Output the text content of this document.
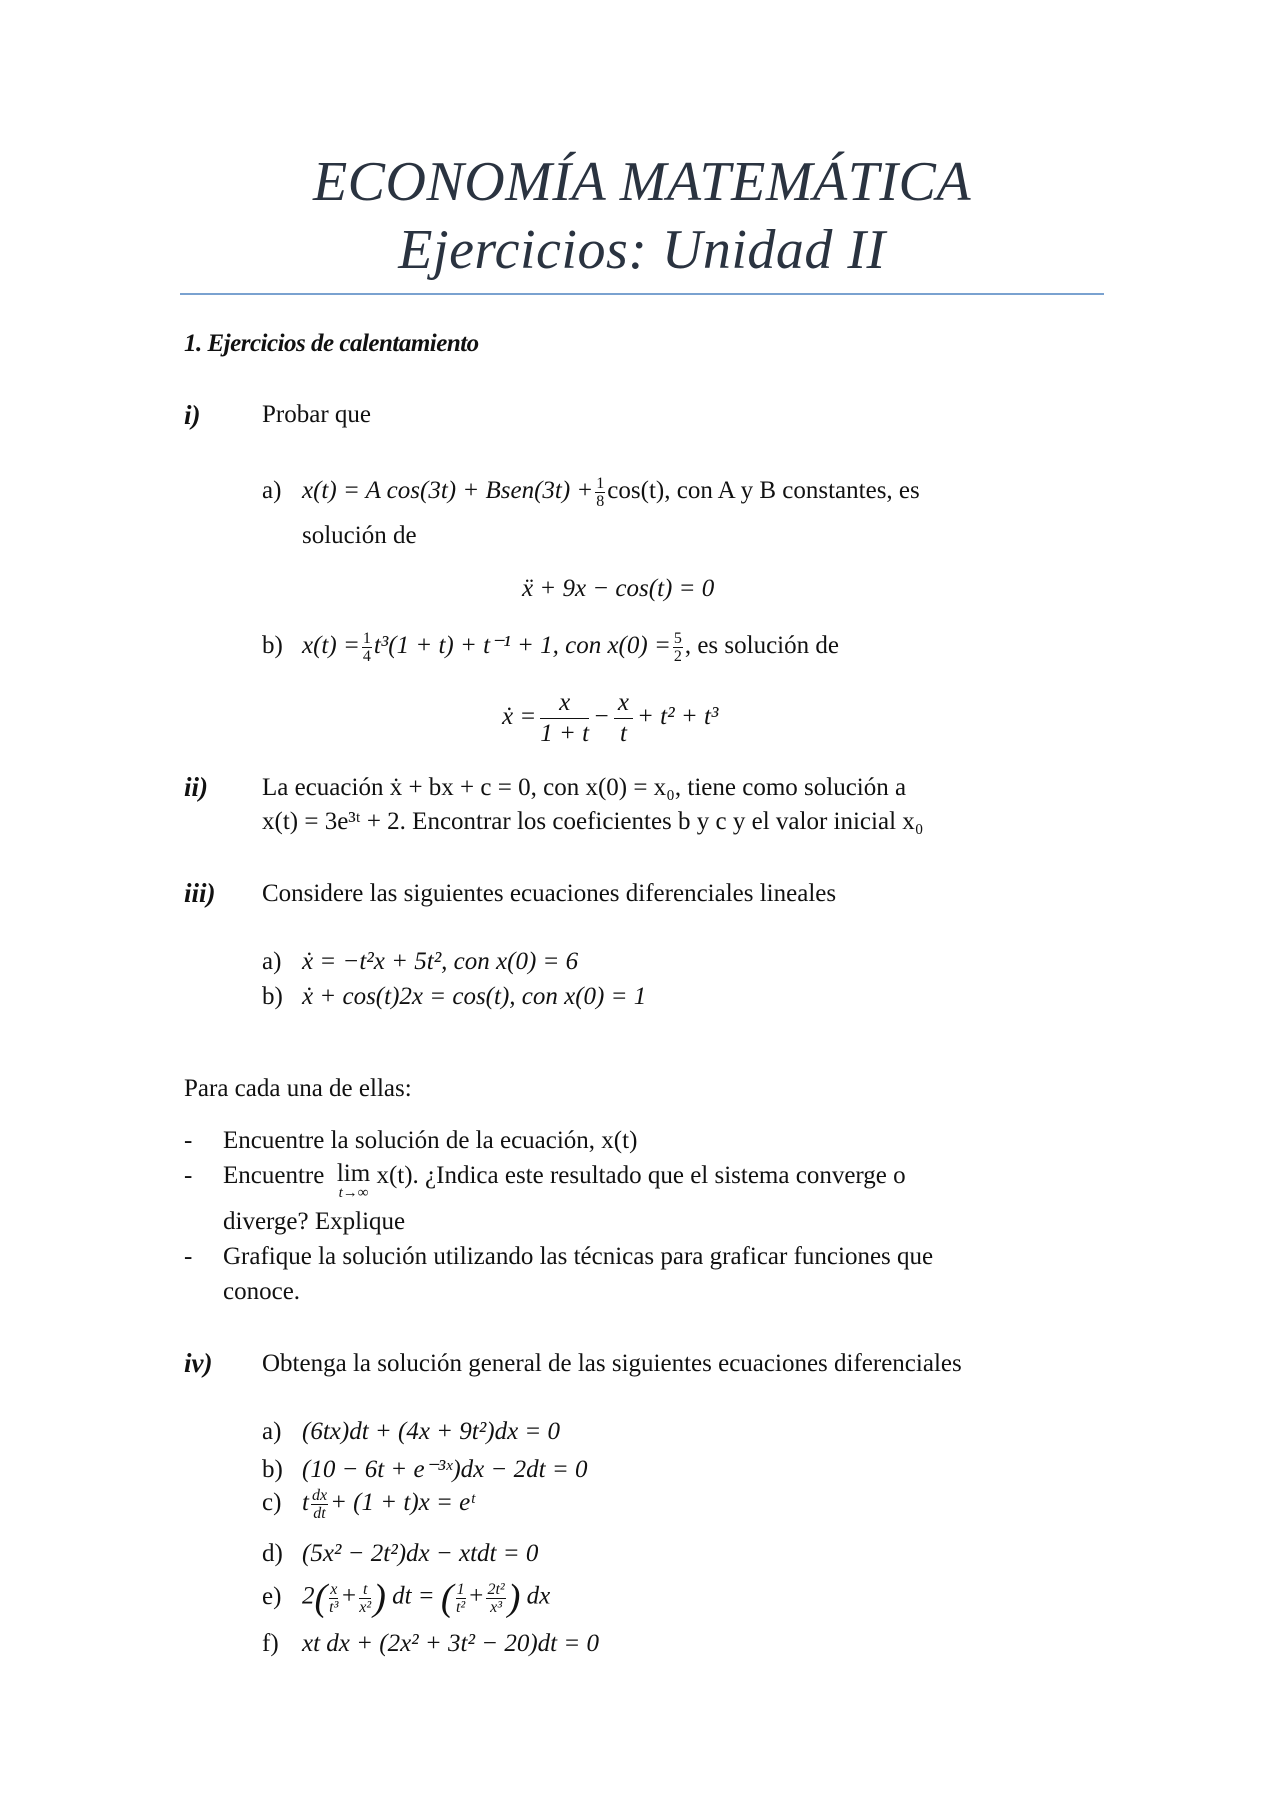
ECONOMÍA MATEMÁTICA
Ejercicios: Unidad II
1. Ejercicios de calentamiento
i) Probar que
a) x(t) = A cos(3t) + Bsen(3t) + $\frac{1}{8} \cos(t)$, con A y B constantes, es
solución de
ẍ + 9x − cos(t) = 0
b) $x(t) = \frac{1}{4} t^3(1 + t) + t^{-1} + 1$, con $x(0) = \frac{5}{2}$ , es solución de
ẋ = $\frac{x}{1 + t} - \frac{x}{t} + t^2 + t^3$
ii) La ecuación ẋ + bx + c = 0, con x(0) = x₀, tiene como solución a
x(t) = 3e³ᵗ + 2. Encontrar los coeficientes b y c y el valor inicial x₀
iii) Considere las siguientes ecuaciones diferenciales lineales
a) ẋ = −t²x + 5t², con x(0) = 6
b) ẋ + cos(t)2x = cos(t), con x(0) = 1
Para cada una de ellas:
- Encuentre la solución de la ecuación, x(t)
- Encuentre lim
t→∞
x(t). ¿Indica este resultado que el sistema converge o
diverge? Explique
- Grafique la solución utilizando las técnicas para graficar funciones que
conoce.
iv) Obtenga la solución general de las siguientes ecuaciones diferenciales
a) (6tx)dt + (4x + 9t²)dx = 0
b) (10 − 6t + e⁻³ˣ)dx − 2dt = 0
c) t $\frac{dx}{dt} + (1 + t)x$ = eᵗ
d) (5x² − 2t²)dx − xtdt = 0
e) $2( \frac{x}{\text{t³}} + \frac{t}{\text{x²}}$ ) dt = ( $\frac{1}{\text{t²}} + \frac{\text{2t²}}{\text{x³}}$ ) dx
f) xt dx + (2x² + 3t² − 20)dt = 0
